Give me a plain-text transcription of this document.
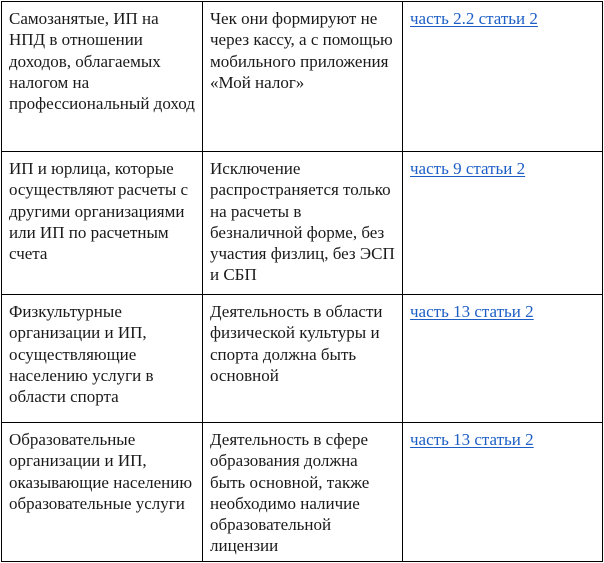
Самозанятые, ИП на НПД в отношении доходов, облагаемых налогом на профессиональный доход	Чек они формируют не через кассу, а с помощью мобильного приложения «Мой налог»	часть 2.2 статьи 2
ИП и юрлица, которые осуществляют расчеты с другими организациями или ИП по расчетным счета	Исключение распространяется только на расчеты в безналичной форме, без участия физлиц, без ЭСП и СБП	часть 9 статьи 2
Физкультурные организации и ИП, осуществляющие населению услуги в области спорта	Деятельность в области физической культуры и спорта должна быть основной	часть 13 статьи 2
Образовательные организации и ИП, оказывающие населению образовательные услуги	Деятельность в сфере образования должна быть основной, также необходимо наличие образовательной лицензии	часть 13 статьи 2
